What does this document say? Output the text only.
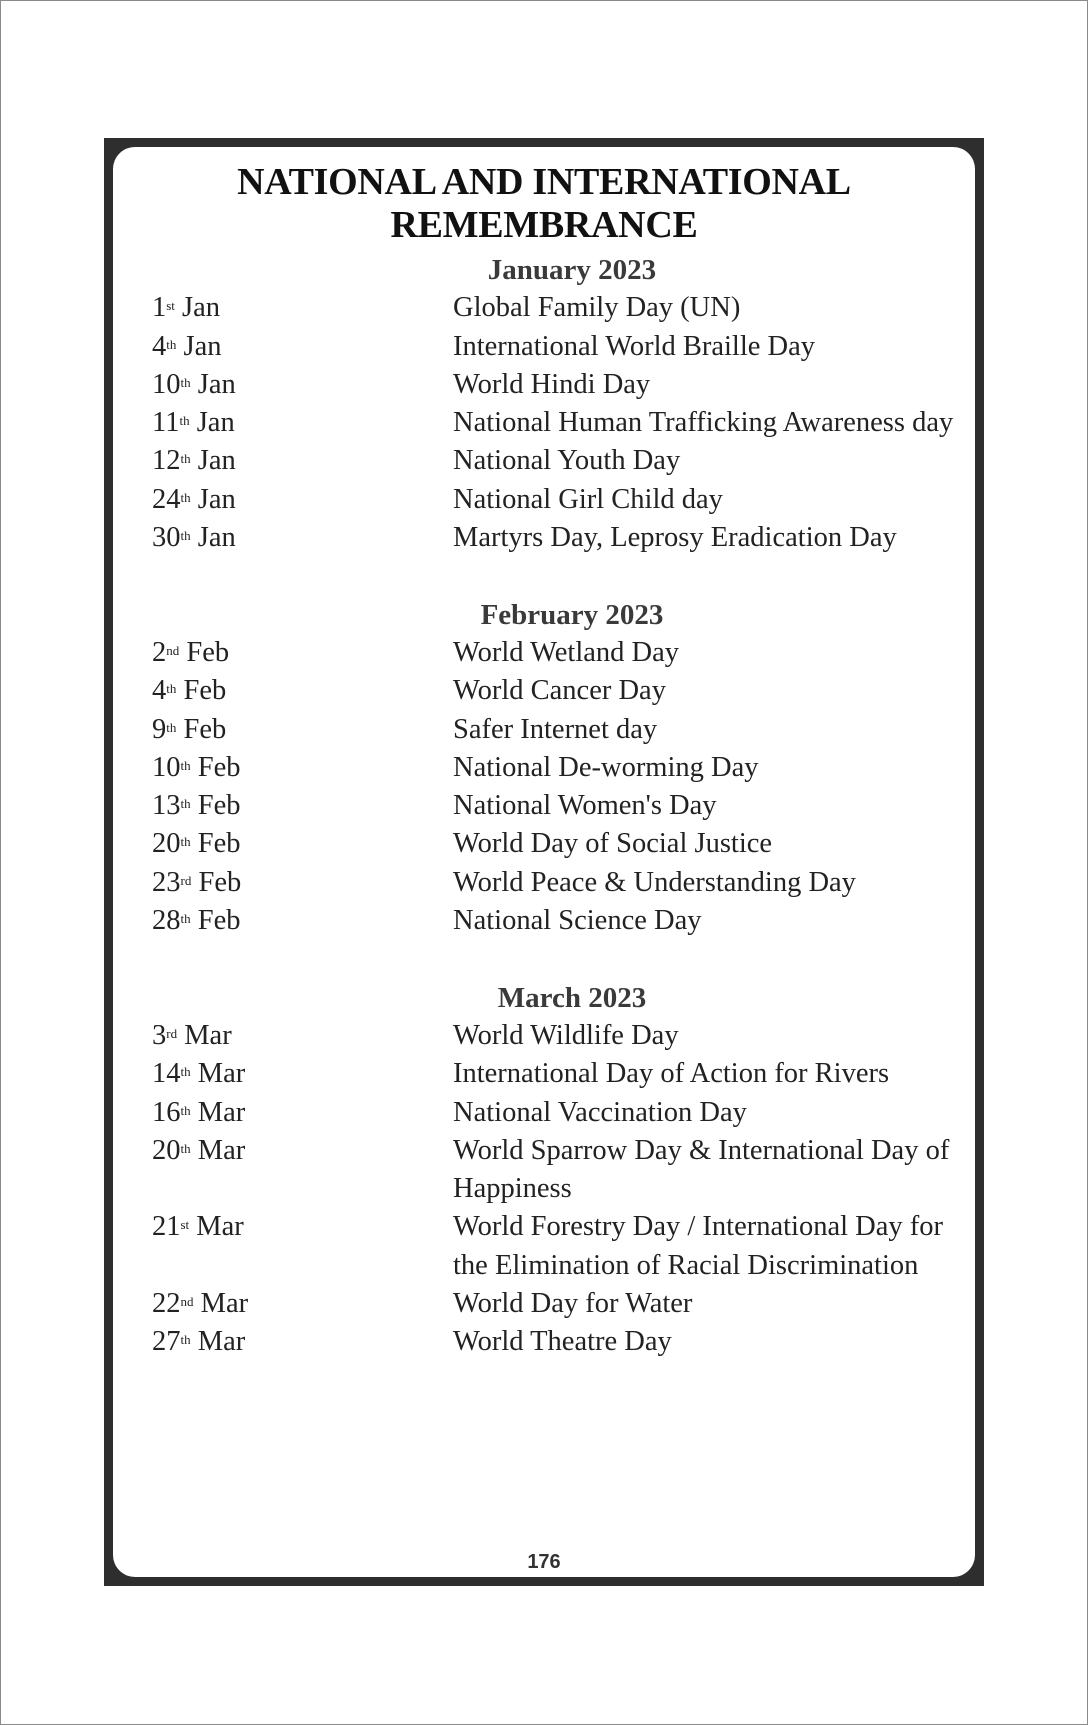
NATIONAL AND INTERNATIONAL
REMEMBRANCE
January 2023
1st Jan	Global Family Day (UN)
4th Jan	International World Braille Day
10th Jan	World Hindi Day
11th Jan	National Human Trafficking Awareness day
12th Jan	National Youth Day
24th Jan	National Girl Child day
30th Jan	Martyrs Day, Leprosy Eradication Day
February 2023
2nd Feb	World Wetland Day
4th Feb	World Cancer Day
9th Feb	Safer Internet day
10th Feb	National De-worming Day
13th Feb	National Women's Day
20th Feb	World Day of Social Justice
23rd Feb	World Peace & Understanding Day
28th Feb	National Science Day
March 2023
3rd Mar	World Wildlife Day
14th Mar	International Day of Action for Rivers
16th Mar	National Vaccination Day
20th Mar	World Sparrow Day & International Day of Happiness
21st Mar	World Forestry Day / International Day for the Elimination of Racial Discrimination
22nd Mar	World Day for Water
27th Mar	World Theatre Day
176
